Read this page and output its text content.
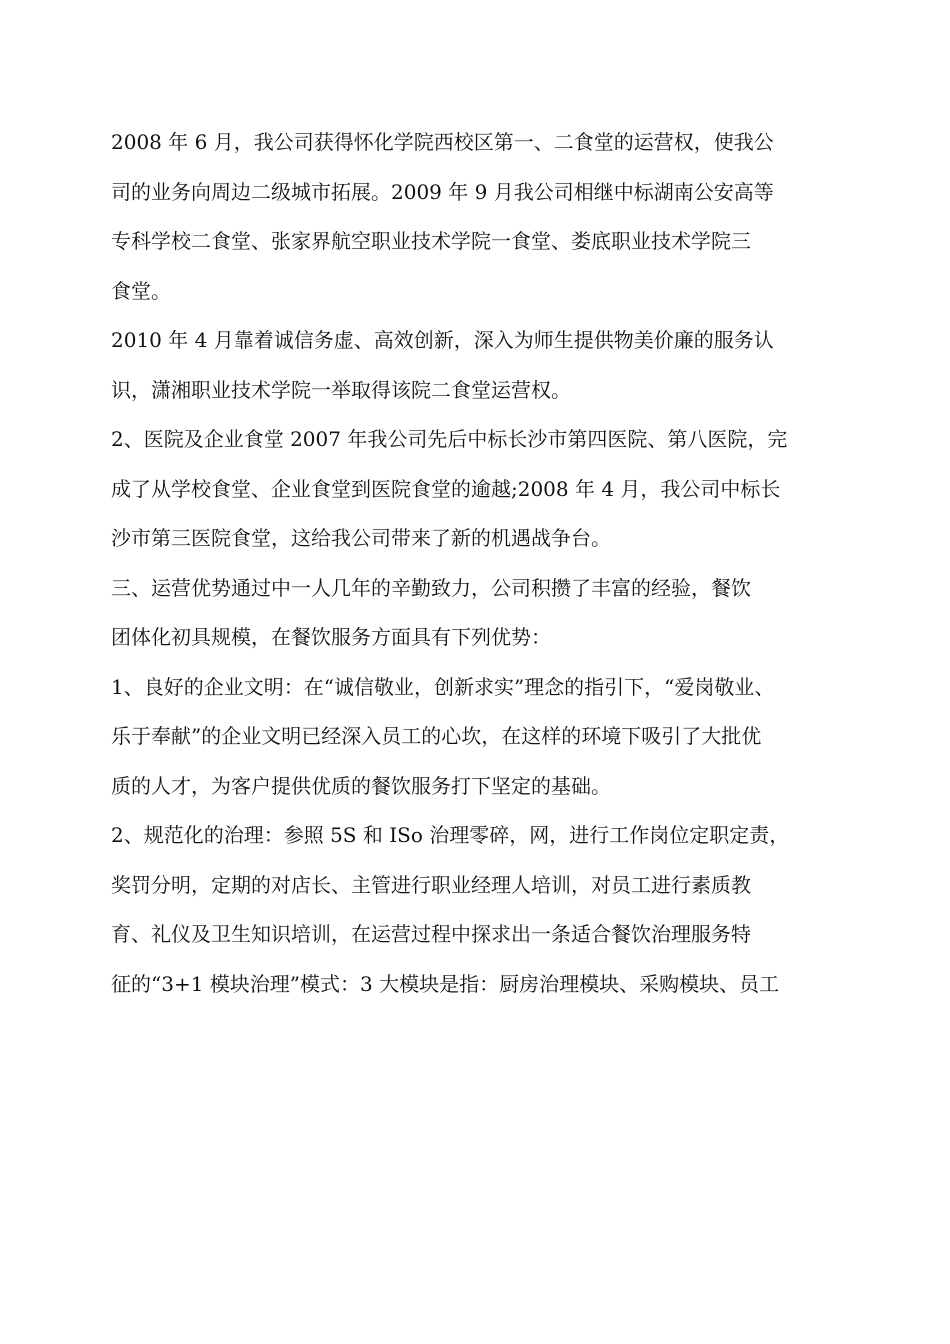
2008 年 6 月，我公司获得怀化学院西校区第一、二食堂的运营权，使我公
司的业务向周边二级城市拓展。2009 年 9 月我公司相继中标湖南公安高等
专科学校二食堂、张家界航空职业技术学院一食堂、娄底职业技术学院三
食堂。
2010 年 4 月靠着诚信务虚、高效创新，深入为师生提供物美价廉的服务认
识，潇湘职业技术学院一举取得该院二食堂运营权。
2、医院及企业食堂 2007 年我公司先后中标长沙市第四医院、第八医院，完
成了从学校食堂、企业食堂到医院食堂的逾越;2008 年 4 月，我公司中标长
沙市第三医院食堂，这给我公司带来了新的机遇战争台。
三、运营优势通过中一人几年的辛勤致力，公司积攒了丰富的经验，餐饮
团体化初具规模，在餐饮服务方面具有下列优势：
1、良好的企业文明：在“诚信敬业，创新求实”理念的指引下，“爱岗敬业、
乐于奉献”的企业文明已经深入员工的心坎，在这样的环境下吸引了大批优
质的人才，为客户提供优质的餐饮服务打下坚定的基础。
2、规范化的治理：参照 5S 和 ISo 治理零碎，网，进行工作岗位定职定责，
奖罚分明，定期的对店长、主管进行职业经理人培训，对员工进行素质教
育、礼仪及卫生知识培训，在运营过程中探求出一条适合餐饮治理服务特
征的“3+1 模块治理”模式：3 大模块是指：厨房治理模块、采购模块、员工
